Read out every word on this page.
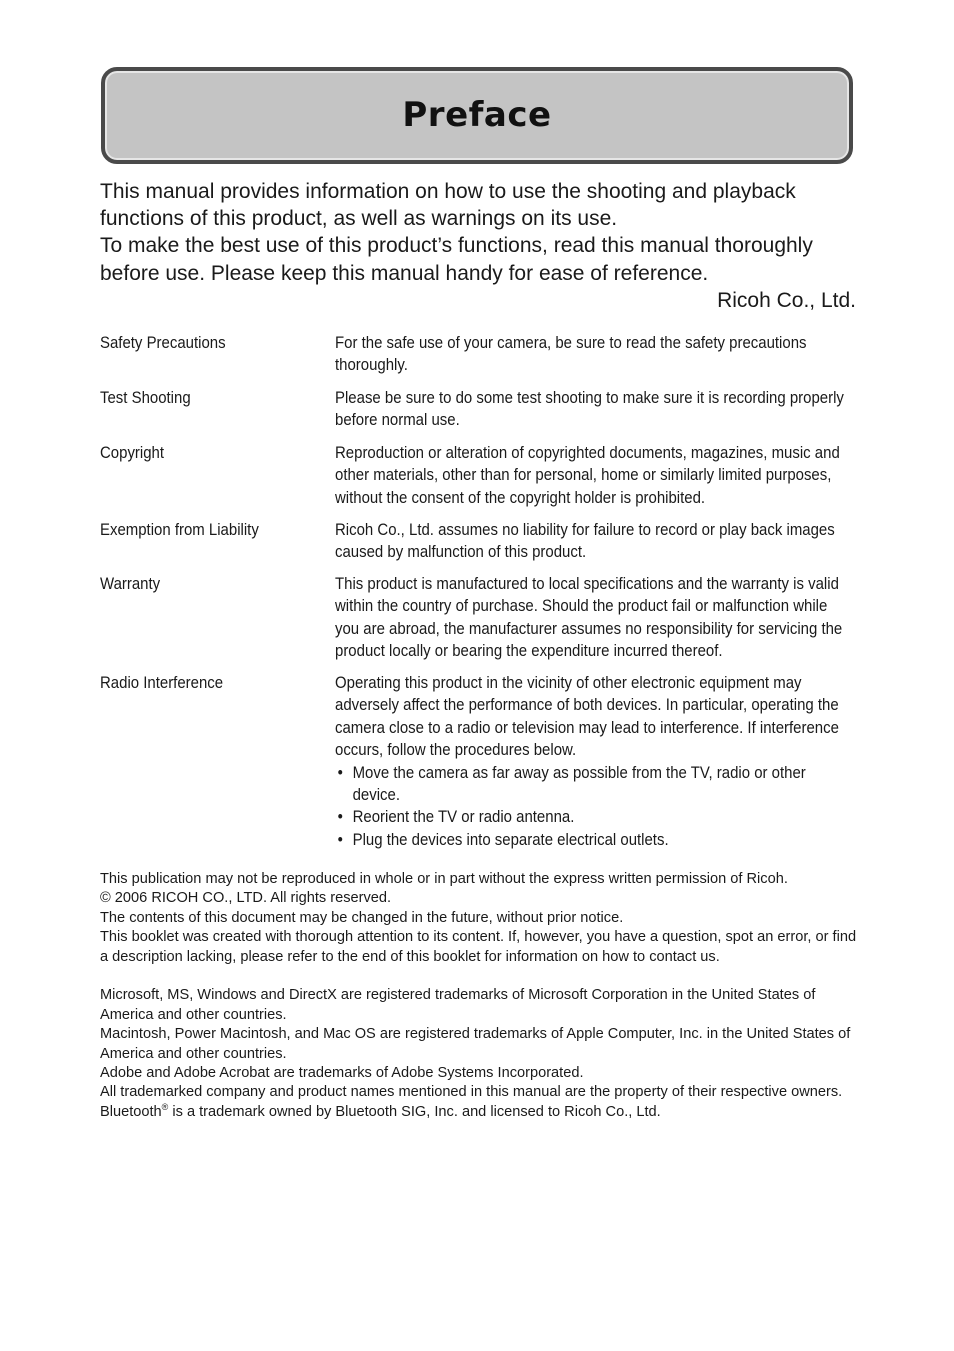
Preface

This manual provides information on how to use the shooting and playback functions of this product, as well as warnings on its use.

To make the best use of this product’s functions, read this manual thoroughly before use. Please keep this manual handy for ease of reference.

Ricoh Co., Ltd.

Safety Precautions	For the safe use of your camera, be sure to read the safety precautions thoroughly.
Test Shooting	Please be sure to do some test shooting to make sure it is recording properly before normal use.
Copyright	Reproduction or alteration of copyrighted documents, magazines, music and other materials, other than for personal, home or similarly limited purposes, without the consent of the copyright holder is prohibited.
Exemption from Liability	Ricoh Co., Ltd. assumes no liability for failure to record or play back images caused by malfunction of this product.
Warranty	This product is manufactured to local specifications and the warranty is valid within the country of purchase. Should the product fail or malfunction while you are abroad, the manufacturer assumes no responsibility for servicing the product locally or bearing the expenditure incurred thereof.
Radio Interference	Operating this product in the vicinity of other electronic equipment may adversely affect the performance of both devices. In particular, operating the camera close to a radio or television may lead to interference. If interference occurs, follow the procedures below.
• Move the camera as far away as possible from the TV, radio or other device.
• Reorient the TV or radio antenna.
• Plug the devices into separate electrical outlets.

This publication may not be reproduced in whole or in part without the express written permission of Ricoh.

© 2006 RICOH CO., LTD. All rights reserved.

The contents of this document may be changed in the future, without prior notice.

This booklet was created with thorough attention to its content. If, however, you have a question, spot an error, or find a description lacking, please refer to the end of this booklet for information on how to contact us.

Microsoft, MS, Windows and DirectX are registered trademarks of Microsoft Corporation in the United States of America and other countries.

Macintosh, Power Macintosh, and Mac OS are registered trademarks of Apple Computer, Inc. in the United States of America and other countries.

Adobe and Adobe Acrobat are trademarks of Adobe Systems Incorporated.

All trademarked company and product names mentioned in this manual are the property of their respective owners.

Bluetooth® is a trademark owned by Bluetooth SIG, Inc. and licensed to Ricoh Co., Ltd.
